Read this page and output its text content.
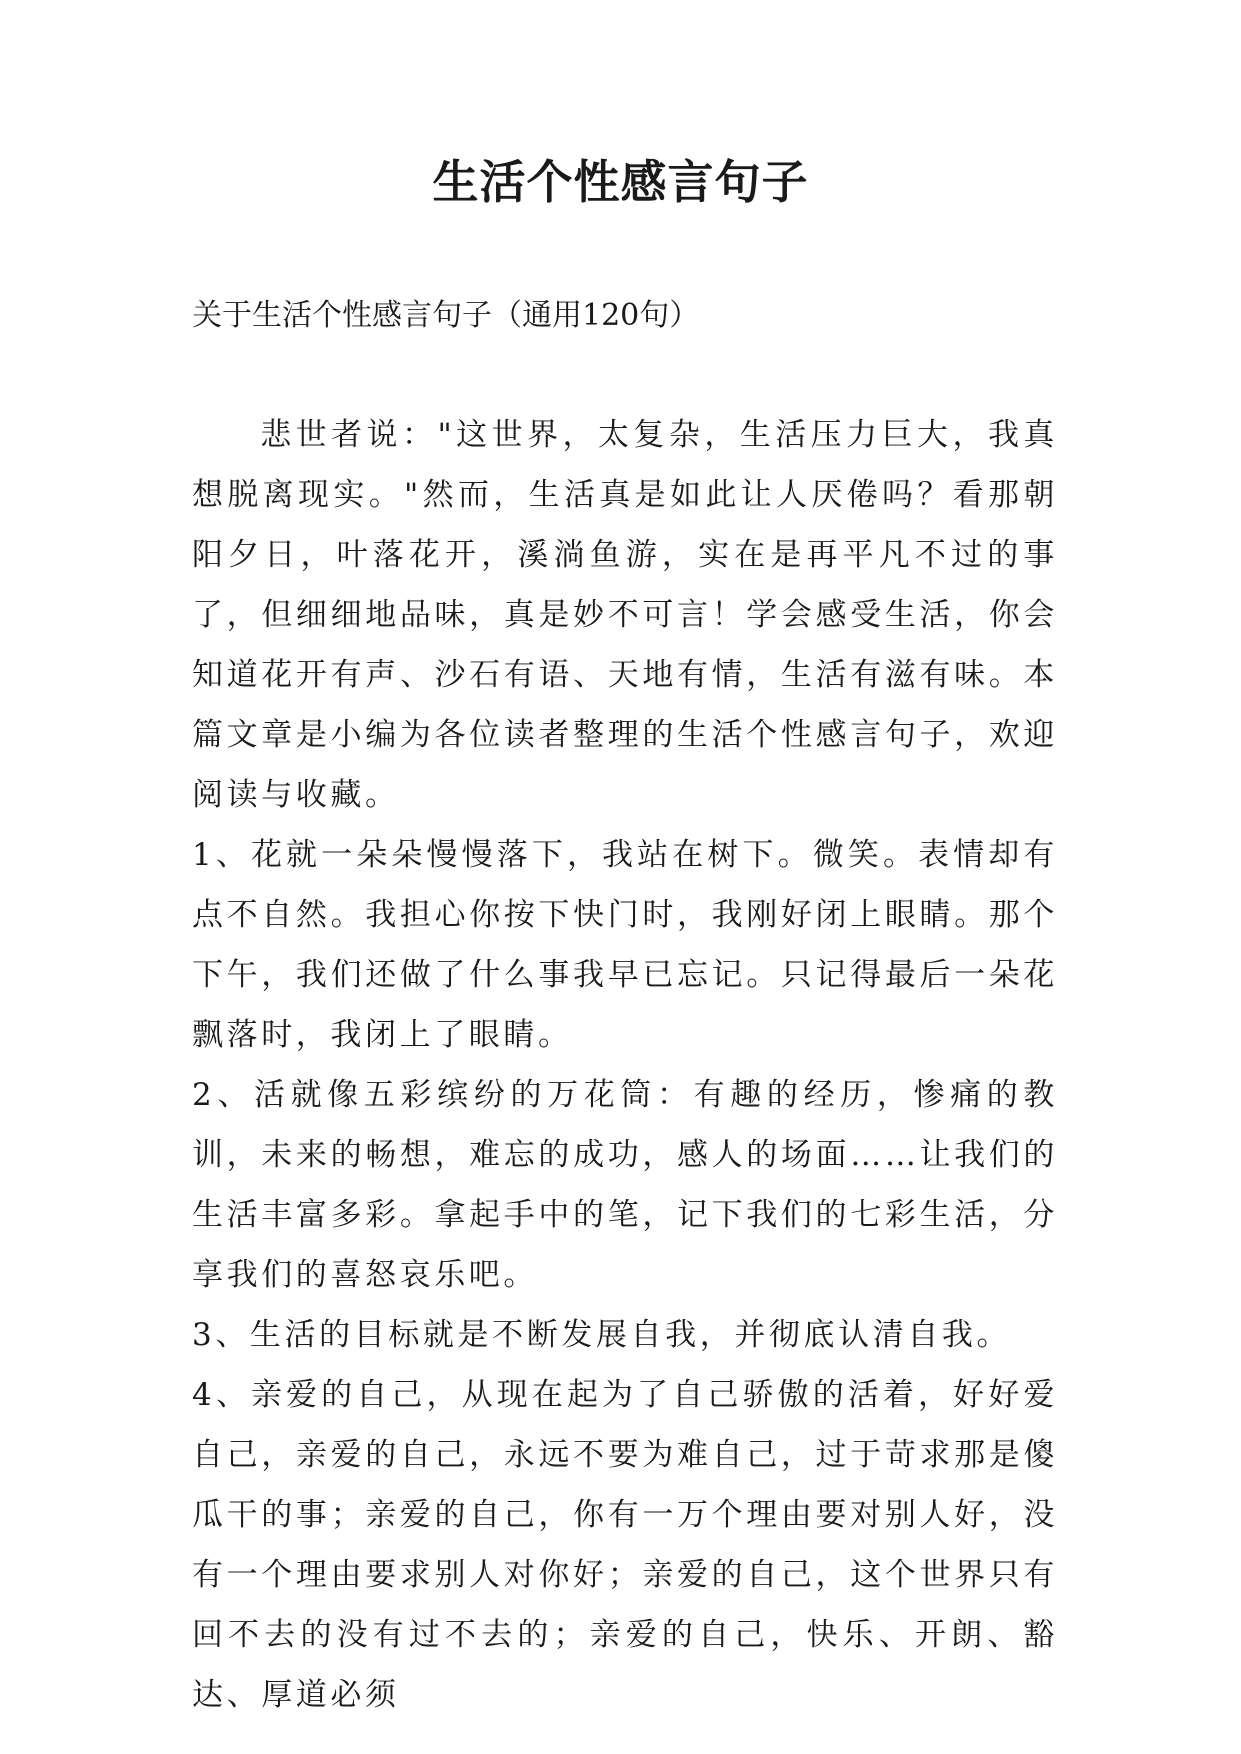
生活个性感言句子

关于生活个性感言句子（通用120句）

悲世者说："这世界，太复杂，生活压力巨大，我真想脱离现实。"然而，生活真是如此让人厌倦吗？看那朝阳夕日，叶落花开，溪淌鱼游，实在是再平凡不过的事了，但细细地品味，真是妙不可言！学会感受生活，你会知道花开有声、沙石有语、天地有情，生活有滋有味。本篇文章是小编为各位读者整理的生活个性感言句子，欢迎阅读与收藏。

1、花就一朵朵慢慢落下，我站在树下。微笑。表情却有点不自然。我担心你按下快门时，我刚好闭上眼睛。那个下午，我们还做了什么事我早已忘记。只记得最后一朵花飘落时，我闭上了眼睛。

2、活就像五彩缤纷的万花筒：有趣的经历，惨痛的教训，未来的畅想，难忘的成功，感人的场面……让我们的生活丰富多彩。拿起手中的笔，记下我们的七彩生活，分享我们的喜怒哀乐吧。

3、生活的目标就是不断发展自我，并彻底认清自我。

4、亲爱的自己，从现在起为了自己骄傲的活着，好好爱自己，亲爱的自己，永远不要为难自己，过于苛求那是傻瓜干的事；亲爱的自己，你有一万个理由要对别人好，没有一个理由要求别人对你好；亲爱的自己，这个世界只有回不去的没有过不去的；亲爱的自己，快乐、开朗、豁达、厚道必须
